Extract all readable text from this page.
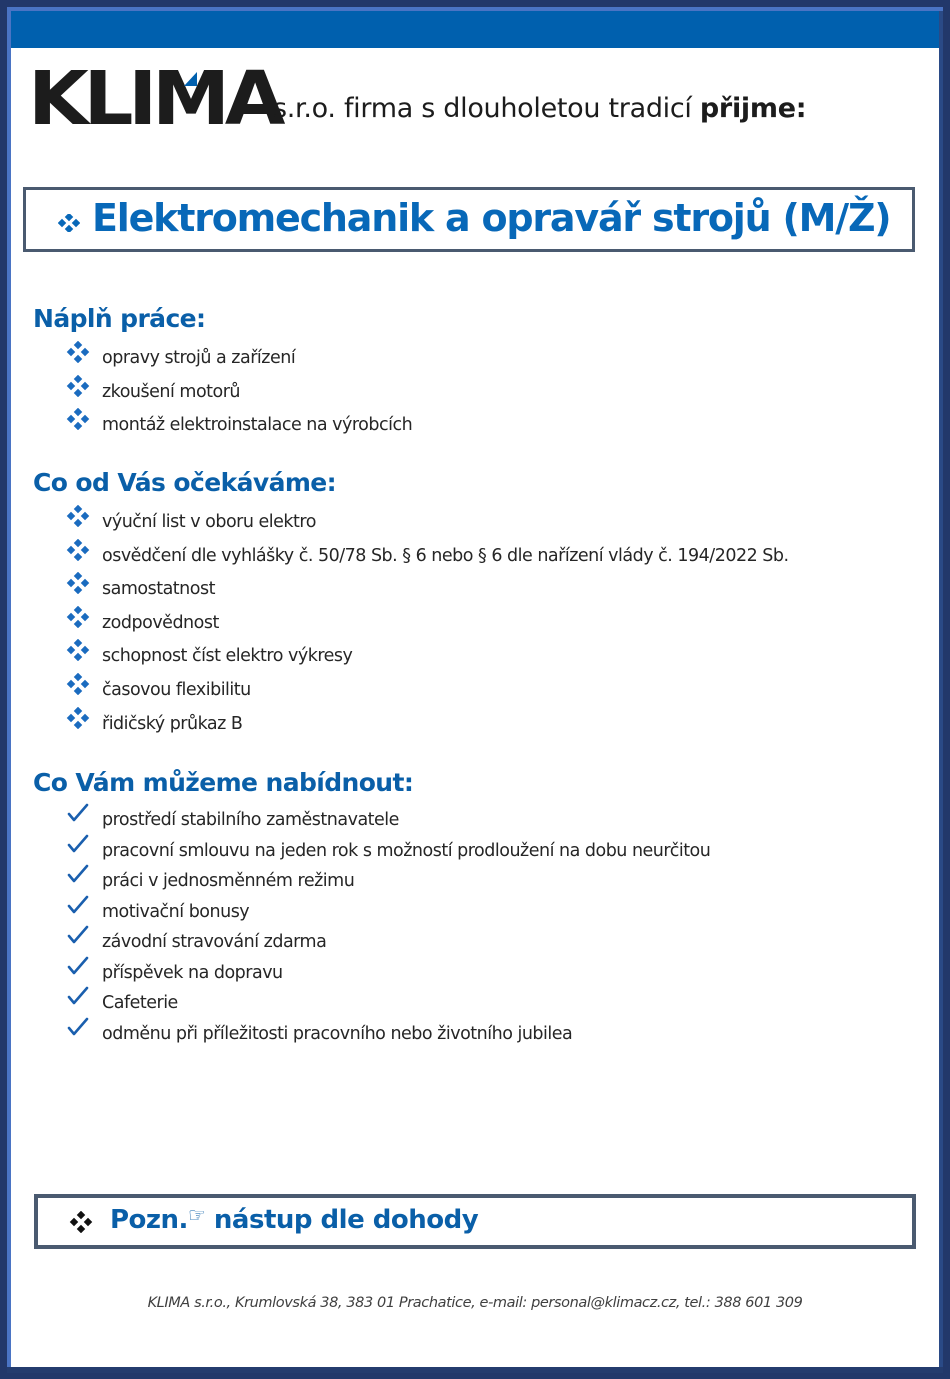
KLIMA
s.r.o. firma s dlouholetou tradicí přijme:
Elektromechanik a opravář strojů (M/Ž)
Náplň práce:
opravy strojů a zařízení
zkoušení motorů
montáž elektroinstalace na výrobcích
Co od Vás očekáváme:
výuční list v oboru elektro
osvědčení dle vyhlášky č. 50/78 Sb. § 6 nebo § 6 dle nařízení vlády č. 194/2022 Sb.
samostatnost
zodpovědnost
schopnost číst elektro výkresy
časovou flexibilitu
řidičský průkaz B
Co Vám můžeme nabídnout:
prostředí stabilního zaměstnavatele
pracovní smlouvu na jeden rok s možností prodloužení na dobu neurčitou
práci v jednosměnném režimu
motivační bonusy
závodní stravování zdarma
příspěvek na dopravu
Cafeterie
odměnu při příležitosti pracovního nebo životního jubilea
Pozn.☞ nástup dle dohody
KLIMA s.r.o., Krumlovská 38, 383 01 Prachatice, e-mail: personal@klimacz.cz, tel.: 388 601 309
